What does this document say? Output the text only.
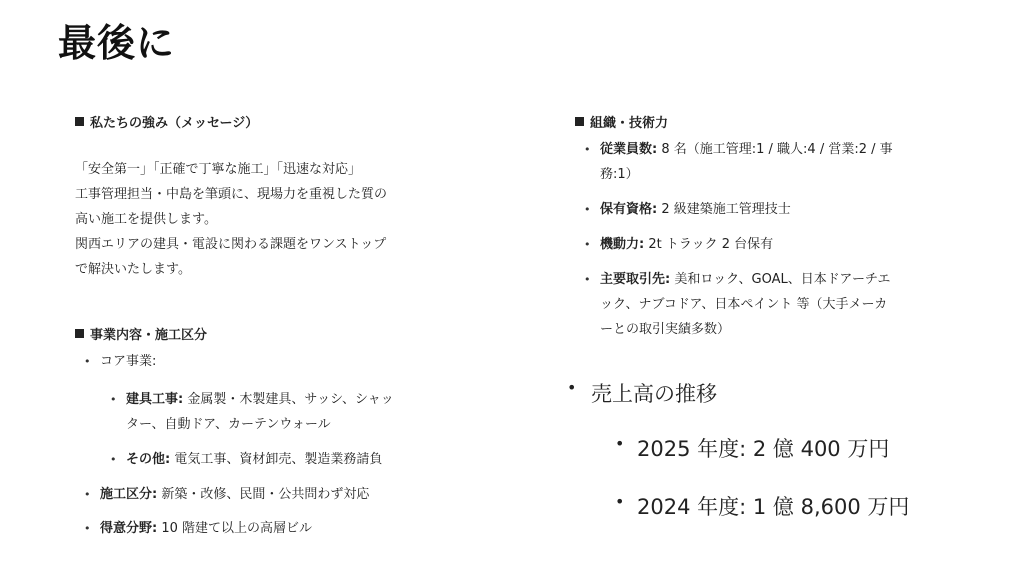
最後に
私たちの強み（メッセージ）
「安全第一」「正確で丁寧な施工」「迅速な対応」
工事管理担当・中島を筆頭に、現場力を重視した質の
高い施工を提供します。
関西エリアの建具・電設に関わる課題をワンストップ
で解決いたします。
事業内容・施工区分
• コア事業:
• 建具工事: 金属製・木製建具、サッシ、シャッ
ター、自動ドア、カーテンウォール
• その他: 電気工事、資材卸売、製造業務請負
• 施工区分: 新築・改修、民間・公共問わず対応
• 得意分野: 10 階建て以上の高層ビル
組織・技術力
• 従業員数: 8 名（施工管理:1 / 職人:4 / 営業:2 / 事
務:1）
• 保有資格: 2 級建築施工管理技士
• 機動力: 2t トラック 2 台保有
• 主要取引先: 美和ロック、GOAL、日本ドアーチエ
ック、ナブコドア、日本ペイント 等（大手メーカ
ーとの取引実績多数）
• 売上高の推移
• 2025 年度: 2 億 400 万円
• 2024 年度: 1 億 8,600 万円
